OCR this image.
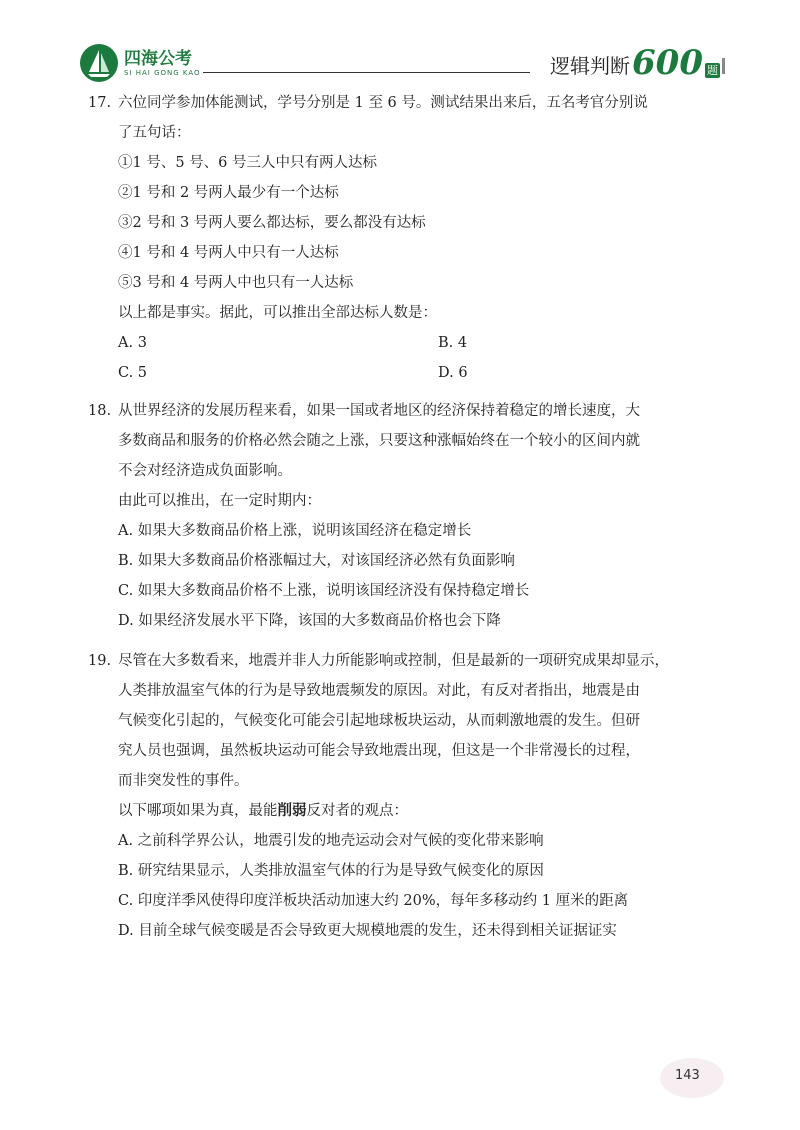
四海公考
SI HAI GONG KAO	逻辑判断 600 题
17. 六位同学参加体能测试，学号分别是 1 至 6 号。测试结果出来后，五名考官分别说
了五句话：
①1 号、5 号、6 号三人中只有两人达标
②1 号和 2 号两人最少有一个达标
③2 号和 3 号两人要么都达标，要么都没有达标
④1 号和 4 号两人中只有一人达标
⑤3 号和 4 号两人中也只有一人达标
以上都是事实。据此，可以推出全部达标人数是：
A. 3	B. 4
C. 5	D. 6
18. 从世界经济的发展历程来看，如果一国或者地区的经济保持着稳定的增长速度，大
多数商品和服务的价格必然会随之上涨，只要这种涨幅始终在一个较小的区间内就
不会对经济造成负面影响。
由此可以推出，在一定时期内：
A. 如果大多数商品价格上涨，说明该国经济在稳定增长
B. 如果大多数商品价格涨幅过大，对该国经济必然有负面影响
C. 如果大多数商品价格不上涨，说明该国经济没有保持稳定增长
D. 如果经济发展水平下降，该国的大多数商品价格也会下降
19. 尽管在大多数看来，地震并非人力所能影响或控制，但是最新的一项研究成果却显示，
人类排放温室气体的行为是导致地震频发的原因。对此，有反对者指出，地震是由
气候变化引起的，气候变化可能会引起地球板块运动，从而刺激地震的发生。但研
究人员也强调，虽然板块运动可能会导致地震出现，但这是一个非常漫长的过程，
而非突发性的事件。
以下哪项如果为真，最能削弱反对者的观点：
A. 之前科学界公认，地震引发的地壳运动会对气候的变化带来影响
B. 研究结果显示，人类排放温室气体的行为是导致气候变化的原因
C. 印度洋季风使得印度洋板块活动加速大约 20%，每年多移动约 1 厘米的距离
D. 目前全球气候变暖是否会导致更大规模地震的发生，还未得到相关证据证实
143
